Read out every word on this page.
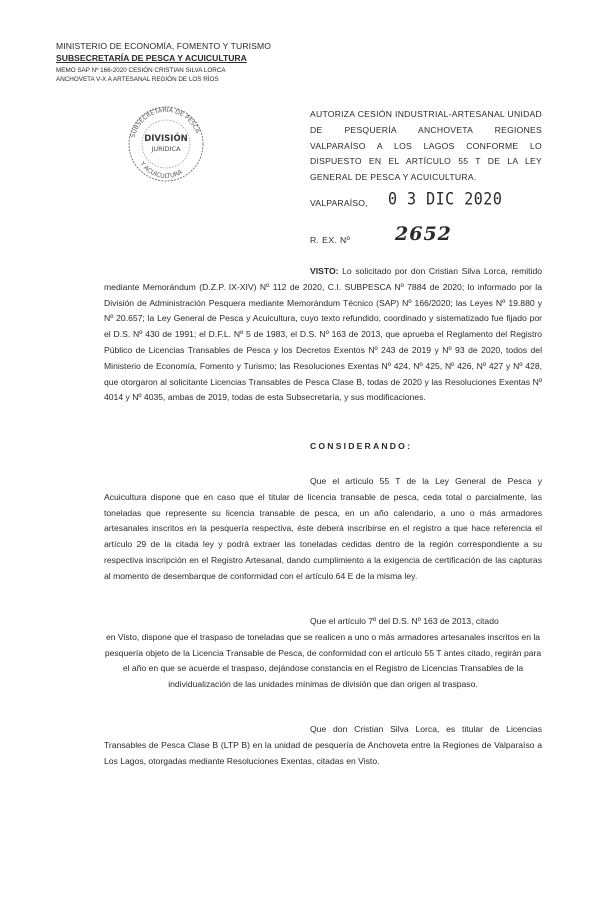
MINISTERIO DE ECONOMÍA, FOMENTO Y TURISMO
SUBSECRETARÍA DE PESCA Y ACUICULTURA
MEMO SAP Nº 166-2020 CESIÓN CRISTIAN SILVA LORCA
ANCHOVETA V-X A ARTESANAL REGIÓN DE LOS RÍOS
SUBSECRETARÍA DE PESCA
Y ACUICULTURA
DIVISIÓN
JURÍDICA
AUTORIZA CESIÓN INDUSTRIAL-ARTESANAL UNIDAD DE PESQUERÍA ANCHOVETA REGIONES VALPARAÍSO A LOS LAGOS CONFORME LO DISPUESTO EN EL ARTÍCULO 55 T DE LA LEY GENERAL DE PESCA Y ACUICULTURA.
VALPARAÍSO, 0 3 DIC 2020
R. EX. Nº 2652
VISTO: Lo solicitado por don Cristian Silva Lorca, remitido mediante Memorándum (D.Z.P. IX-XIV) Nº 112 de 2020, C.I. SUBPESCA Nº 7884 de 2020; lo informado por la División de Administración Pesquera mediante Memorándum Técnico (SAP) Nº 166/2020; las Leyes Nº 19.880 y Nº 20.657; la Ley General de Pesca y Acuicultura, cuyo texto refundido, coordinado y sistematizado fue fijado por el D.S. Nº 430 de 1991; el D.F.L. Nº 5 de 1983, el D.S. Nº 163 de 2013, que aprueba el Reglamento del Registro Público de Licencias Transables de Pesca y los Decretos Exentos Nº 243 de 2019 y Nº 93 de 2020, todos del Ministerio de Economía, Fomento y Turismo; las Resoluciones Exentas Nº 424, Nº 425, Nº 426, Nº 427 y Nº 428, que otorgaron al solicitante Licencias Transables de Pesca Clase B, todas de 2020 y las Resoluciones Exentas Nº 4014 y Nº 4035, ambas de 2019, todas de esta Subsecretaría, y sus modificaciones.
CONSIDERANDO:
Que el artículo 55 T de la Ley General de Pesca y Acuicultura dispone que en caso que el titular de licencia transable de pesca, ceda total o parcialmente, las toneladas que represente su licencia transable de pesca, en un año calendario, a uno o más armadores artesanales inscritos en la pesquería respectiva, éste deberá inscribirse en el registro a que hace referencia el artículo 29 de la citada ley y podrá extraer las toneladas cedidas dentro de la región correspondiente a su respectiva inscripción en el Registro Artesanal, dando cumplimiento a la exigencia de certificación de las capturas al momento de desembarque de conformidad con el artículo 64 E de la misma ley.
Que el artículo 7º del D.S. Nº 163 de 2013, citado
en Visto, dispone que el traspaso de toneladas que se realicen a uno o más armadores artesanales inscritos en la pesquería objeto de la Licencia Transable de Pesca, de conformidad con el artículo 55 T antes citado, regirán para el año en que se acuerde el traspaso, dejándose constancia en el Registro de Licencias Transables de la individualización de las unidades mínimas de división que dan origen al traspaso.
Que don Cristian Silva Lorca, es titular de Licencias Transables de Pesca Clase B (LTP B) en la unidad de pesquería de Anchoveta entre la Regiones de Valparaíso a Los Lagos, otorgadas mediante Resoluciones Exentas, citadas en Visto.
